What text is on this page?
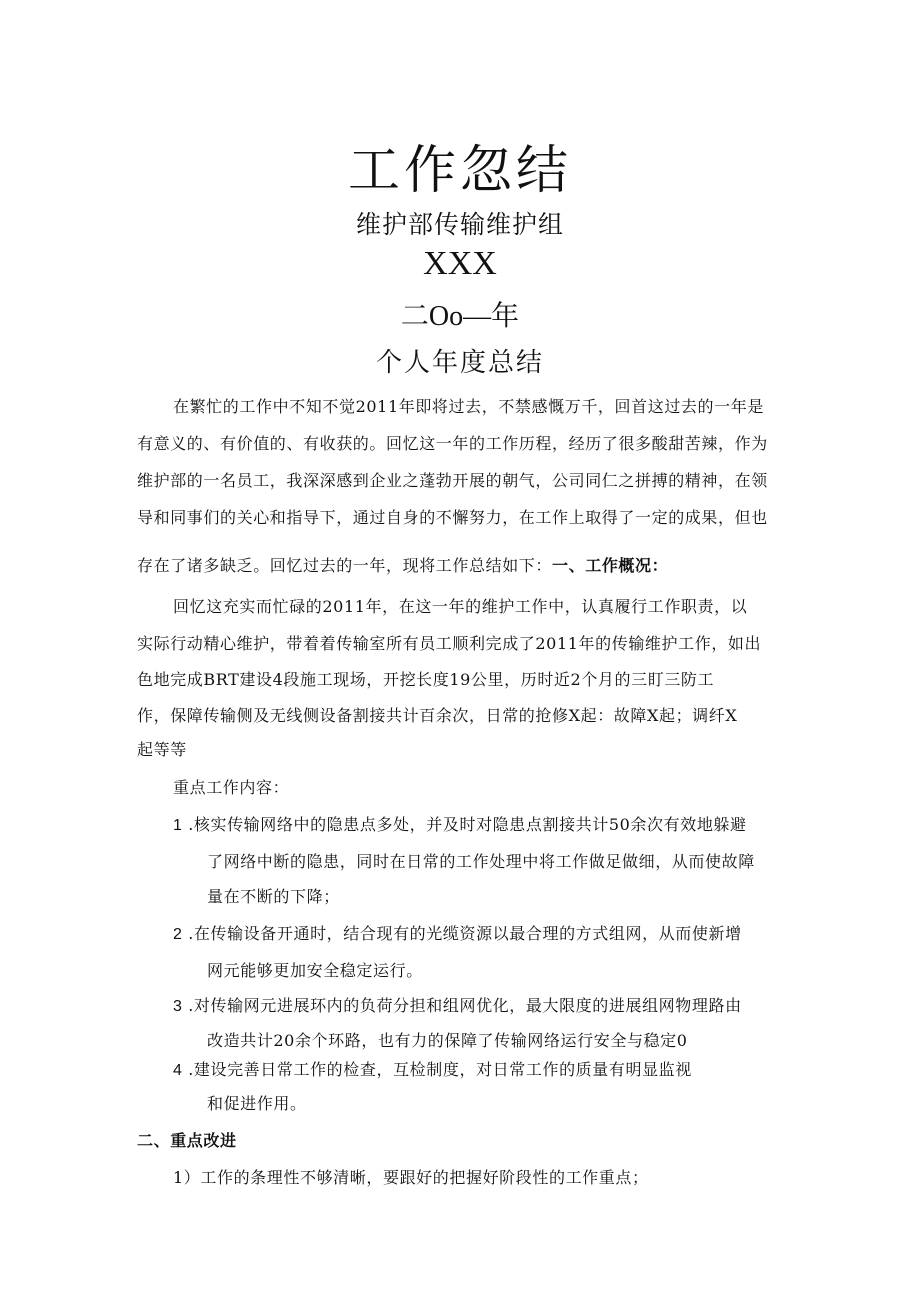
工作忽结
维护部传输维护组
XXX
二Oo—年
个人年度总结
在繁忙的工作中不知不觉2011年即将过去，不禁感慨万千，回首这过去的一年是
有意义的、有价值的、有收获的。回忆这一年的工作历程，经历了很多酸甜苦辣，作为
维护部的一名员工，我深深感到企业之蓬勃开展的朝气，公司同仁之拼搏的精神，在领
导和同事们的关心和指导下，通过自身的不懈努力，在工作上取得了一定的成果，但也
存在了诸多缺乏。回忆过去的一年，现将工作总结如下：一、工作概况：
回忆这充实而忙碌的2011年，在这一年的维护工作中，认真履行工作职责，以
实际行动精心维护，带着着传输室所有员工顺利完成了2011年的传输维护工作，如出
色地完成BRT建设4段施工现场，开挖长度19公里，历时近2个月的三盯三防工
作，保障传输侧及无线侧设备割接共计百余次，日常的抢修X起：故障X起；调纤X
起等等
重点工作内容：
1 .核实传输网络中的隐患点多处，并及时对隐患点割接共计50余次有效地躲避
了网络中断的隐患，同时在日常的工作处理中将工作做足做细，从而使故障
量在不断的下降；
2 .在传输设备开通时，结合现有的光缆资源以最合理的方式组网，从而使新增
网元能够更加安全稳定运行。
3 .对传输网元进展环内的负荷分担和组网优化，最大限度的进展组网物理路由
改造共计20余个环路，也有力的保障了传输网络运行安全与稳定0
4 .建设完善日常工作的检查，互检制度，对日常工作的质量有明显监视
和促进作用。
二、重点改进
1）工作的条理性不够清晰，要跟好的把握好阶段性的工作重点；
